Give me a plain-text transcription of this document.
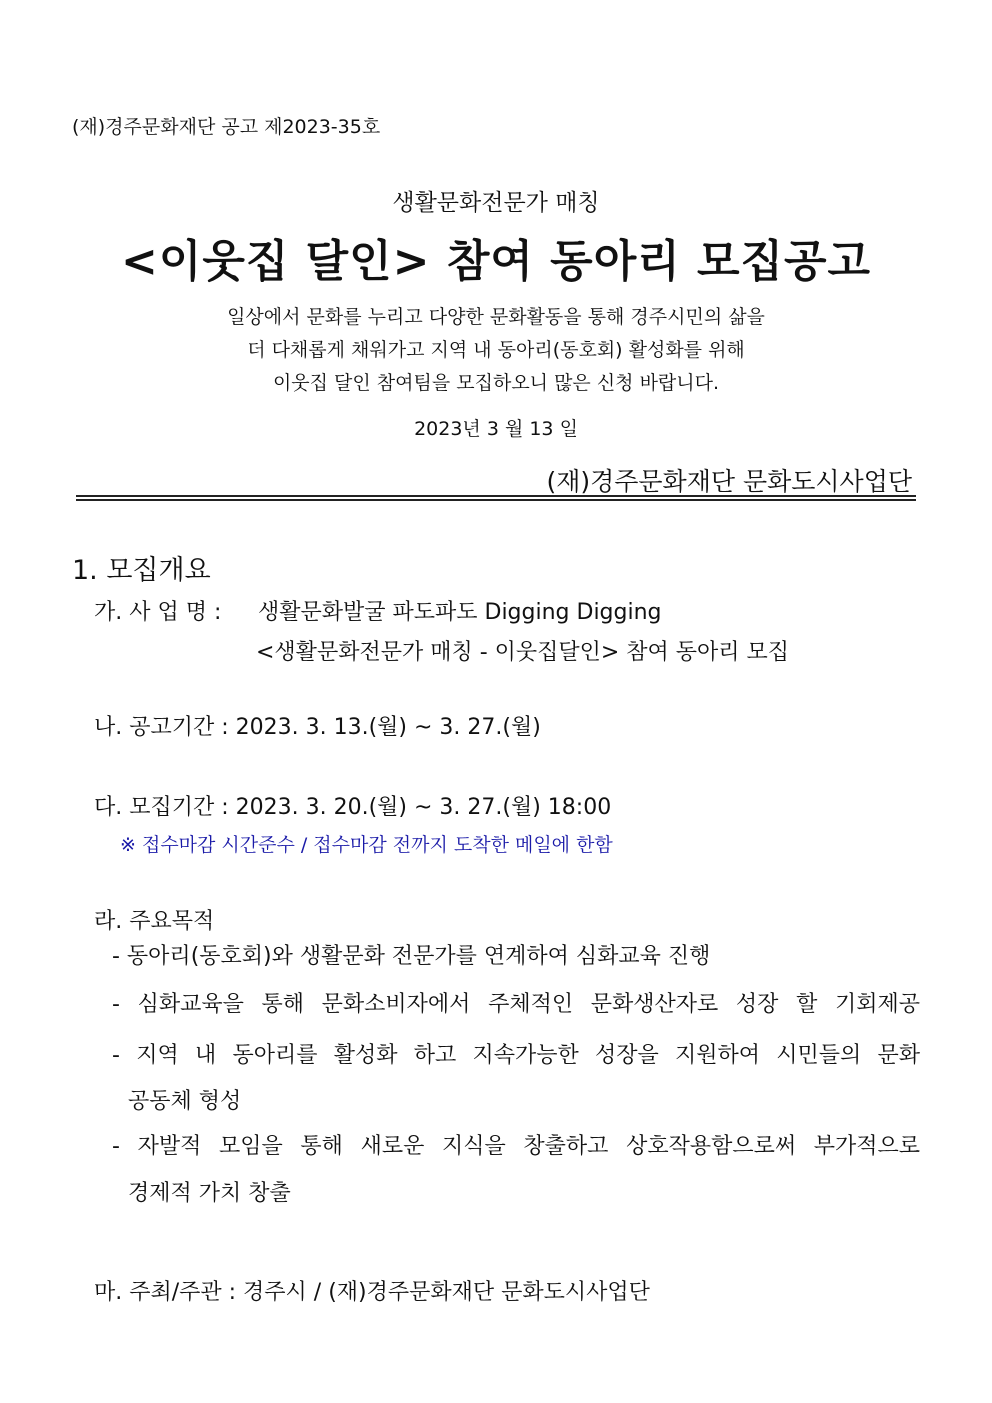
(재)경주문화재단 공고 제2023-35호
생활문화전문가 매칭
<이웃집 달인> 참여 동아리 모집공고
일상에서 문화를 누리고 다양한 문화활동을 통해 경주시민의 삶을
더 다채롭게 채워가고 지역 내 동아리(동호회) 활성화를 위해
이웃집 달인 참여팀을 모집하오니 많은 신청 바랍니다.
2023년 3 월 13 일
(재)경주문화재단 문화도시사업단
1. 모집개요
가. 사 업 명 : 생활문화발굴 파도파도 Digging Digging
<생활문화전문가 매칭 - 이웃집달인> 참여 동아리 모집
나. 공고기간 : 2023. 3. 13.(월) ~ 3. 27.(월)
다. 모집기간 : 2023. 3. 20.(월) ~ 3. 27.(월) 18:00
※ 접수마감 시간준수 / 접수마감 전까지 도착한 메일에 한함
라. 주요목적
- 동아리(동호회)와 생활문화 전문가를 연계하여 심화교육 진행
- 심화교육을 통해 문화소비자에서 주체적인 문화생산자로 성장 할 기회제공
- 지역 내 동아리를 활성화 하고 지속가능한 성장을 지원하여 시민들의 문화
공동체 형성
- 자발적 모임을 통해 새로운 지식을 창출하고 상호작용함으로써 부가적으로
경제적 가치 창출
마. 주최/주관 : 경주시 / (재)경주문화재단 문화도시사업단
